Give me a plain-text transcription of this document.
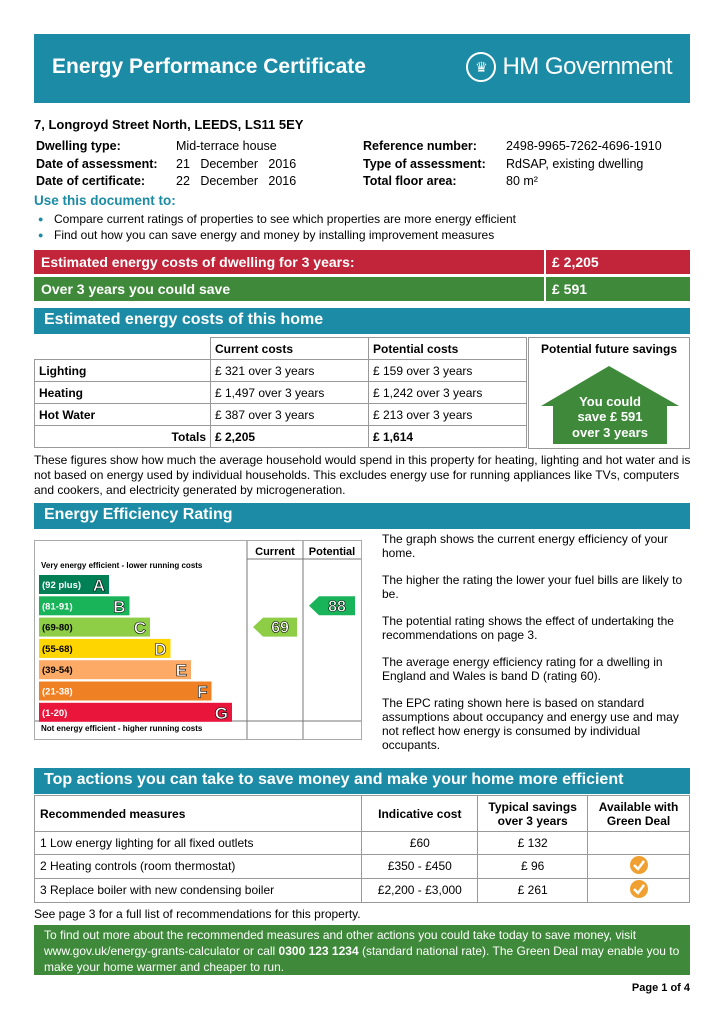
Energy Performance Certificate	♛ HM Government
7, Longroyd Street North, LEEDS, LS11 5EY
Dwelling type:	Mid-terrace house
Date of assessment: 21   December   2016
Date of certificate: 22   December   2016
Reference number: 2498-9965-7262-4696-1910
Type of assessment: RdSAP, existing dwelling
Total floor area:	80 m²
Use this document to:
● Compare current ratings of properties to see which properties are more energy efficient
● Find out how you can save energy and money by installing improvement measures
Estimated energy costs of dwelling for 3 years:	£ 2,205
Over 3 years you could save	£ 591
Estimated energy costs of this home
	Current costs	Potential costs
Lighting	£ 321 over 3 years	£ 159 over 3 years
Heating	£ 1,497 over 3 years	£ 1,242 over 3 years
Hot Water	£ 387 over 3 years	£ 213 over 3 years
Totals	£ 2,205	£ 1,614
Potential future savings
You could
save £ 591
over 3 years
These figures show how much the average household would spend in this property for heating, lighting and hot water and is not based on energy used by individual households. This excludes energy use for running appliances like TVs, computers and cookers, and electricity generated by microgeneration.
Energy Efficiency Rating
Current Potential
Very energy efficient - lower running costs
Not energy efficient - higher running costs
(92 plus) A
(81-91) B
(69-80)	C
(55-68)	D
(39-54)	E
(21-38)	F
(1-20)	G
69
88

The graph shows the current energy efficiency of your home.

The higher the rating the lower your fuel bills are likely to be.

The potential rating shows the effect of undertaking the recommendations on page 3.

The average energy efficiency rating for a dwelling in England and Wales is band D (rating 60).

The EPC rating shown here is based on standard assumptions about occupancy and energy use and may not reflect how energy is consumed by individual occupants.

Top actions you can take to save money and make your home more efficient
Recommended measures	Indicative cost	Typical savings over 3 years	Available with Green Deal
1 Low energy lighting for all fixed outlets	£60	£ 132	
2 Heating controls (room thermostat)	£350 - £450	£ 96	
3 Replace boiler with new condensing boiler	£2,200 - £3,000	£ 261	
See page 3 for a full list of recommendations for this property.
To find out more about the recommended measures and other actions you could take today to save money, visit www.gov.uk/energy-grants-calculator or call 0300 123 1234 (standard national rate). The Green Deal may enable you to make your home warmer and cheaper to run.
Page 1 of 4
